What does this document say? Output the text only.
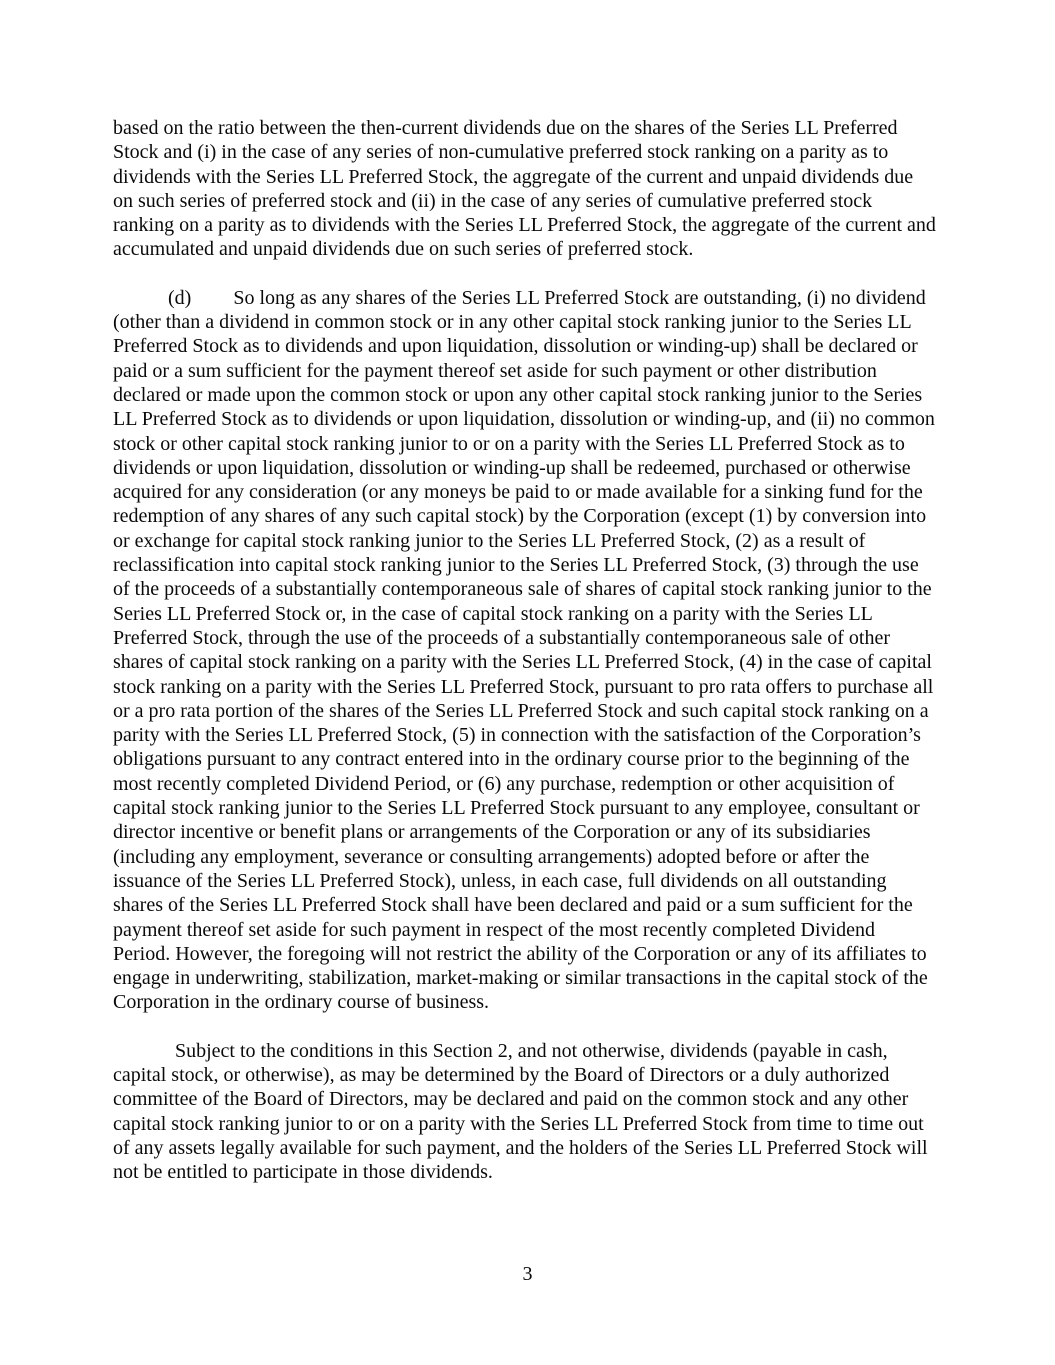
based on the ratio between the then-current dividends due on the shares of the Series LL Preferred Stock and (i) in the case of any series of non-cumulative preferred stock ranking on a parity as to dividends with the Series LL Preferred Stock, the aggregate of the current and unpaid dividends due on such series of preferred stock and (ii) in the case of any series of cumulative preferred stock ranking on a parity as to dividends with the Series LL Preferred Stock, the aggregate of the current and accumulated and unpaid dividends due on such series of preferred stock.

(d) So long as any shares of the Series LL Preferred Stock are outstanding, (i) no dividend (other than a dividend in common stock or in any other capital stock ranking junior to the Series LL Preferred Stock as to dividends and upon liquidation, dissolution or winding-up) shall be declared or paid or a sum sufficient for the payment thereof set aside for such payment or other distribution declared or made upon the common stock or upon any other capital stock ranking junior to the Series LL Preferred Stock as to dividends or upon liquidation, dissolution or winding-up, and (ii) no common stock or other capital stock ranking junior to or on a parity with the Series LL Preferred Stock as to dividends or upon liquidation, dissolution or winding-up shall be redeemed, purchased or otherwise acquired for any consideration (or any moneys be paid to or made available for a sinking fund for the redemption of any shares of any such capital stock) by the Corporation (except (1) by conversion into or exchange for capital stock ranking junior to the Series LL Preferred Stock, (2) as a result of reclassification into capital stock ranking junior to the Series LL Preferred Stock, (3) through the use of the proceeds of a substantially contemporaneous sale of shares of capital stock ranking junior to the Series LL Preferred Stock or, in the case of capital stock ranking on a parity with the Series LL Preferred Stock, through the use of the proceeds of a substantially contemporaneous sale of other shares of capital stock ranking on a parity with the Series LL Preferred Stock, (4) in the case of capital stock ranking on a parity with the Series LL Preferred Stock, pursuant to pro rata offers to purchase all or a pro rata portion of the shares of the Series LL Preferred Stock and such capital stock ranking on a parity with the Series LL Preferred Stock, (5) in connection with the satisfaction of the Corporation’s obligations pursuant to any contract entered into in the ordinary course prior to the beginning of the most recently completed Dividend Period, or (6) any purchase, redemption or other acquisition of capital stock ranking junior to the Series LL Preferred Stock pursuant to any employee, consultant or director incentive or benefit plans or arrangements of the Corporation or any of its subsidiaries (including any employment, severance or consulting arrangements) adopted before or after the issuance of the Series LL Preferred Stock), unless, in each case, full dividends on all outstanding shares of the Series LL Preferred Stock shall have been declared and paid or a sum sufficient for the payment thereof set aside for such payment in respect of the most recently completed Dividend Period. However, the foregoing will not restrict the ability of the Corporation or any of its affiliates to engage in underwriting, stabilization, market-making or similar transactions in the capital stock of the Corporation in the ordinary course of business.

Subject to the conditions in this Section 2, and not otherwise, dividends (payable in cash, capital stock, or otherwise), as may be determined by the Board of Directors or a duly authorized committee of the Board of Directors, may be declared and paid on the common stock and any other capital stock ranking junior to or on a parity with the Series LL Preferred Stock from time to time out of any assets legally available for such payment, and the holders of the Series LL Preferred Stock will not be entitled to participate in those dividends.

3
